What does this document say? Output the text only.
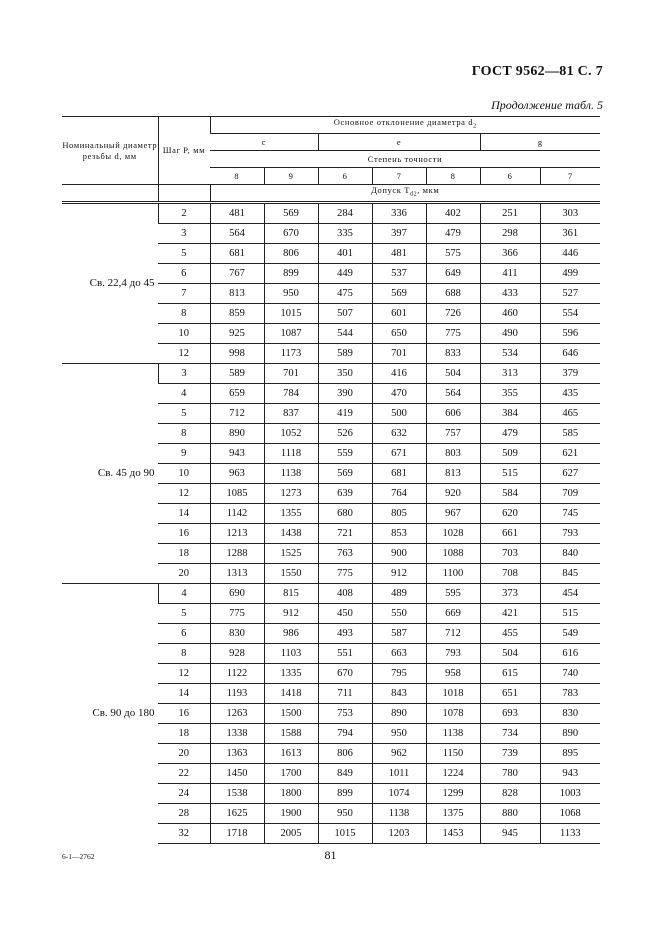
ГОСТ 9562—81 С. 7
Продолжение табл. 5
Номинальный диаметр резьбы d, мм	Шаг P, мм	Основное отклонение диаметра $d_2$
		c		e			g	
		Степень точности						
		8	9	6	7	8	6	7
		Допуск $T_{d2}$, мкм						
Св. 22,4 до 45	2	481	569	284	336	402	251	303
	3	564	670	335	397	479	298	361
	5	681	806	401	481	575	366	446
	6	767	899	449	537	649	411	499
	7	813	950	475	569	688	433	527
	8	859	1015	507	601	726	460	554
	10	925	1087	544	650	775	490	596
	12	998	1173	589	701	833	534	646
Св. 45 до 90	3	589	701	350	416	504	313	379
	4	659	784	390	470	564	355	435
	5	712	837	419	500	606	384	465
	8	890	1052	526	632	757	479	585
	9	943	1118	559	671	803	509	621
	10	963	1138	569	681	813	515	627
	12	1085	1273	639	764	920	584	709
	14	1142	1355	680	805	967	620	745
	16	1213	1438	721	853	1028	661	793
	18	1288	1525	763	900	1088	703	840
	20	1313	1550	775	912	1100	708	845
Св. 90 до 180	4	690	815	408	489	595	373	454
	5	775	912	450	550	669	421	515
	6	830	986	493	587	712	455	549
	8	928	1103	551	663	793	504	616
	12	1122	1335	670	795	958	615	740
	14	1193	1418	711	843	1018	651	783
	16	1263	1500	753	890	1078	693	830
	18	1338	1588	794	950	1138	734	890
	20	1363	1613	806	962	1150	739	895
	22	1450	1700	849	1011	1224	780	943
	24	1538	1800	899	1074	1299	828	1003
	28	1625	1900	950	1138	1375	880	1068
	32	1718	2005	1015	1203	1453	945	1133
6-1—2762	81
